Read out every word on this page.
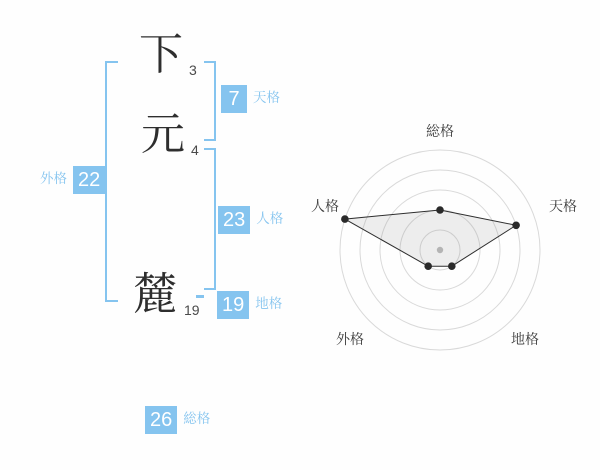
下 3
元 4
麓 19
外格 22
7 天格
23 人格
19 地格
26 総格
総格
天格
地格
外格
人格
